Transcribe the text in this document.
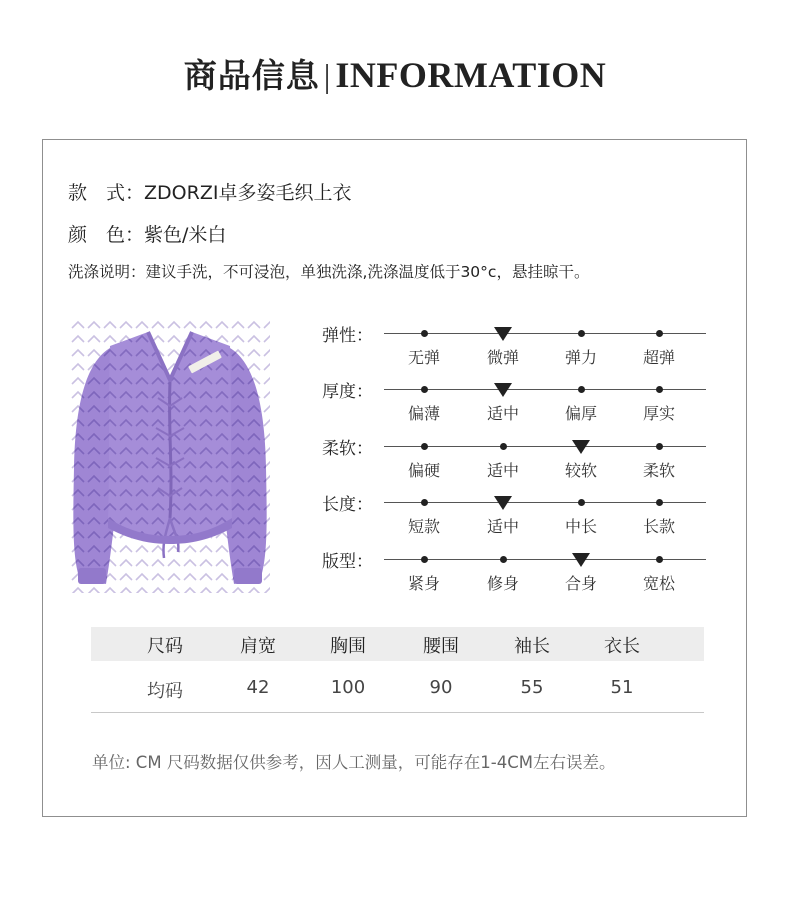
商品信息 | INFORMATION
款　式：ZDORZI卓多姿毛织上衣
颜　色：紫色/米白
洗涤说明：建议手洗，不可浸泡，单独洗涤,洗涤温度低于30°c，悬挂晾干。
弹性：
无弹	微弹	弹力	超弹
厚度：
偏薄	适中	偏厚	厚实
柔软：
偏硬	适中	较软	柔软
长度：
短款	适中	中长	长款
版型：
紧身	修身	合身	宽松
尺码	肩宽	胸围	腰围	袖长	衣长
均码	42	100	90	55	51
单位: CM 尺码数据仅供参考，因人工测量，可能存在1-4CM左右误差。
